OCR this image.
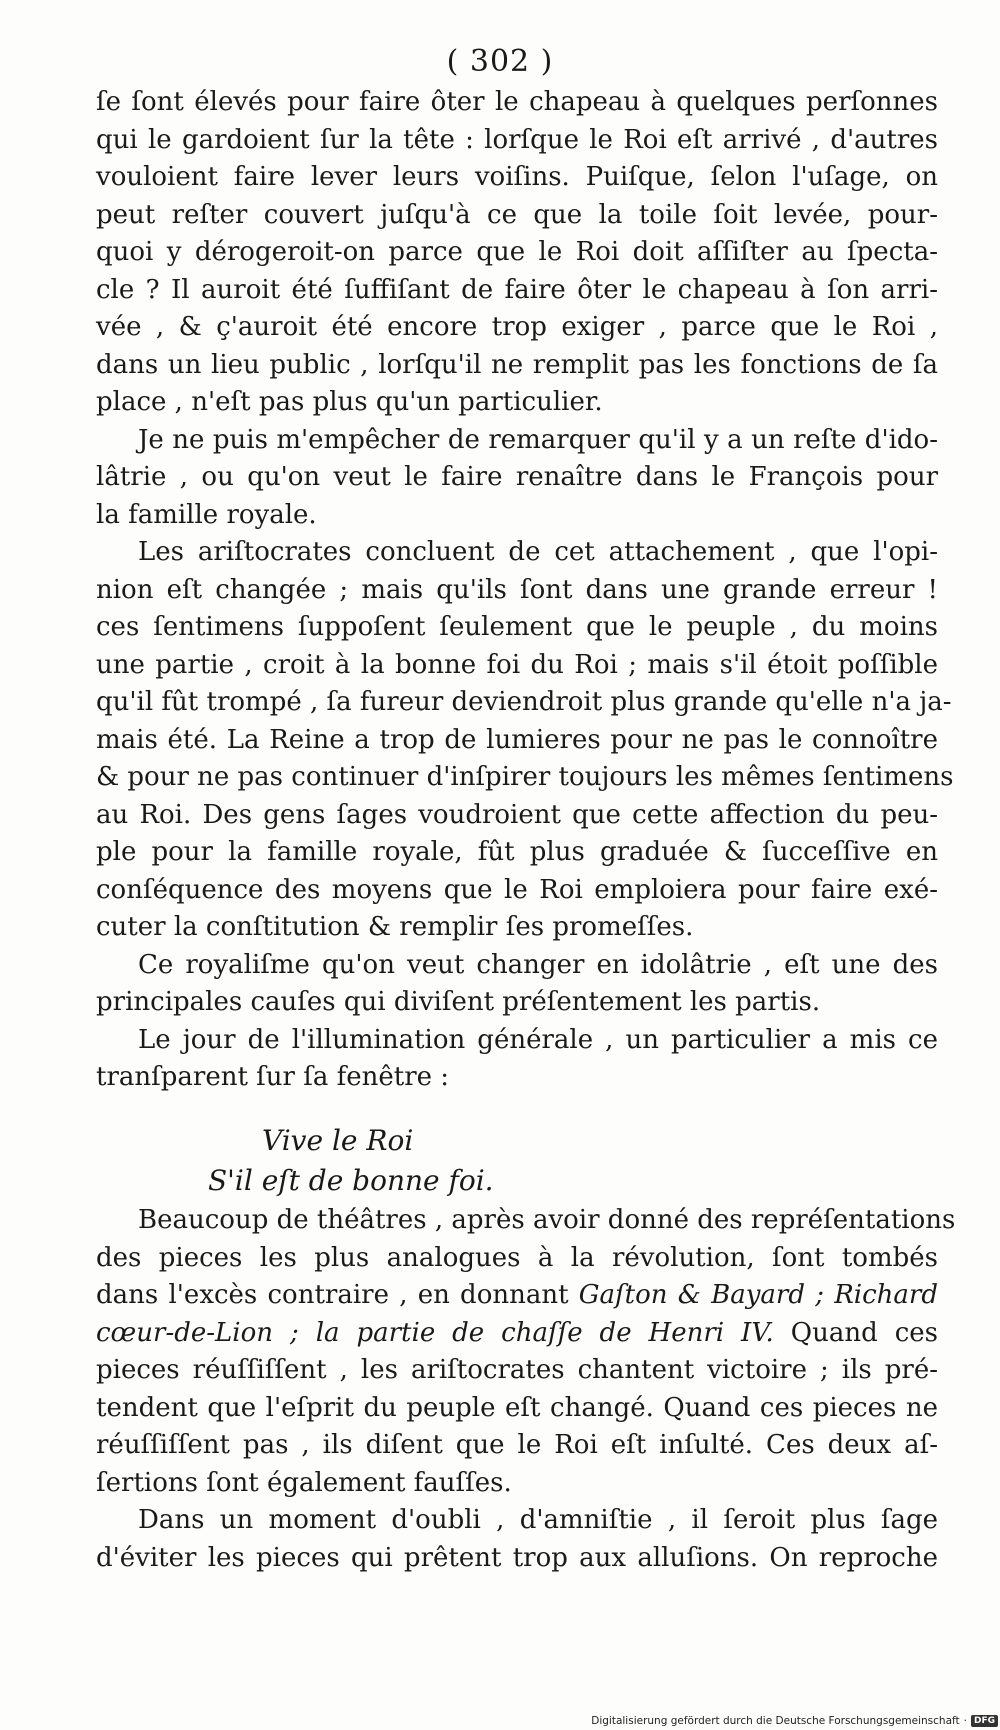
( 302 )
ſe ſont élevés pour faire ôter le chapeau à quelques perſonnes
qui le gardoient ſur la tête : lorſque le Roi eſt arrivé , d'autres
vouloient faire lever leurs voiſins. Puiſque, ſelon l'uſage, on
peut reſter couvert juſqu'à ce que la toile ſoit levée, pour-
quoi y dérogeroit-on parce que le Roi doit aſſiſter au ſpecta-
cle ? Il auroit été ſuffiſant de faire ôter le chapeau à ſon arri-
vée , & ç'auroit été encore trop exiger , parce que le Roi ,
dans un lieu public , lorſqu'il ne remplit pas les fonctions de ſa
place , n'eſt pas plus qu'un particulier.
Je ne puis m'empêcher de remarquer qu'il y a un reſte d'ido-
lâtrie , ou qu'on veut le faire renaître dans le François pour
la famille royale.
Les ariſtocrates concluent de cet attachement , que l'opi-
nion eſt changée ; mais qu'ils ſont dans une grande erreur !
ces ſentimens ſuppoſent ſeulement que le peuple , du moins
une partie , croit à la bonne foi du Roi ; mais s'il étoit poſſible
qu'il fût trompé , ſa fureur deviendroit plus grande qu'elle n'a ja-
mais été. La Reine a trop de lumieres pour ne pas le connoître
& pour ne pas continuer d'inſpirer toujours les mêmes ſentimens
au Roi. Des gens ſages voudroient que cette affection du peu-
ple pour la famille royale, fût plus graduée & ſucceſſive en
conſéquence des moyens que le Roi emploiera pour faire exé-
cuter la conſtitution & remplir ſes promeſſes.
Ce royaliſme qu'on veut changer en idolâtrie , eſt une des
principales cauſes qui diviſent préſentement les partis.
Le jour de l'illumination générale , un particulier a mis ce
tranſparent ſur ſa fenêtre :
Vive le Roi
S'il eſt de bonne foi.
Beaucoup de théâtres , après avoir donné des repréſentations
des pieces les plus analogues à la révolution, ſont tombés
dans l'excès contraire , en donnant Gaſton & Bayard ; Richard
cœur-de-Lion ; la partie de chaſſe de Henri IV. Quand ces
pieces réuſſiſſent , les ariſtocrates chantent victoire ; ils pré-
tendent que l'eſprit du peuple eſt changé. Quand ces pieces ne
réuſſiſſent pas , ils diſent que le Roi eſt inſulté. Ces deux aſ-
ſertions ſont également fauſſes.
Dans un moment d'oubli , d'amniſtie , il ſeroit plus ſage
d'éviter les pieces qui prêtent trop aux alluſions. On reproche
Digitalisierung gefördert durch die Deutsche Forschungsgemeinschaft · DFG
